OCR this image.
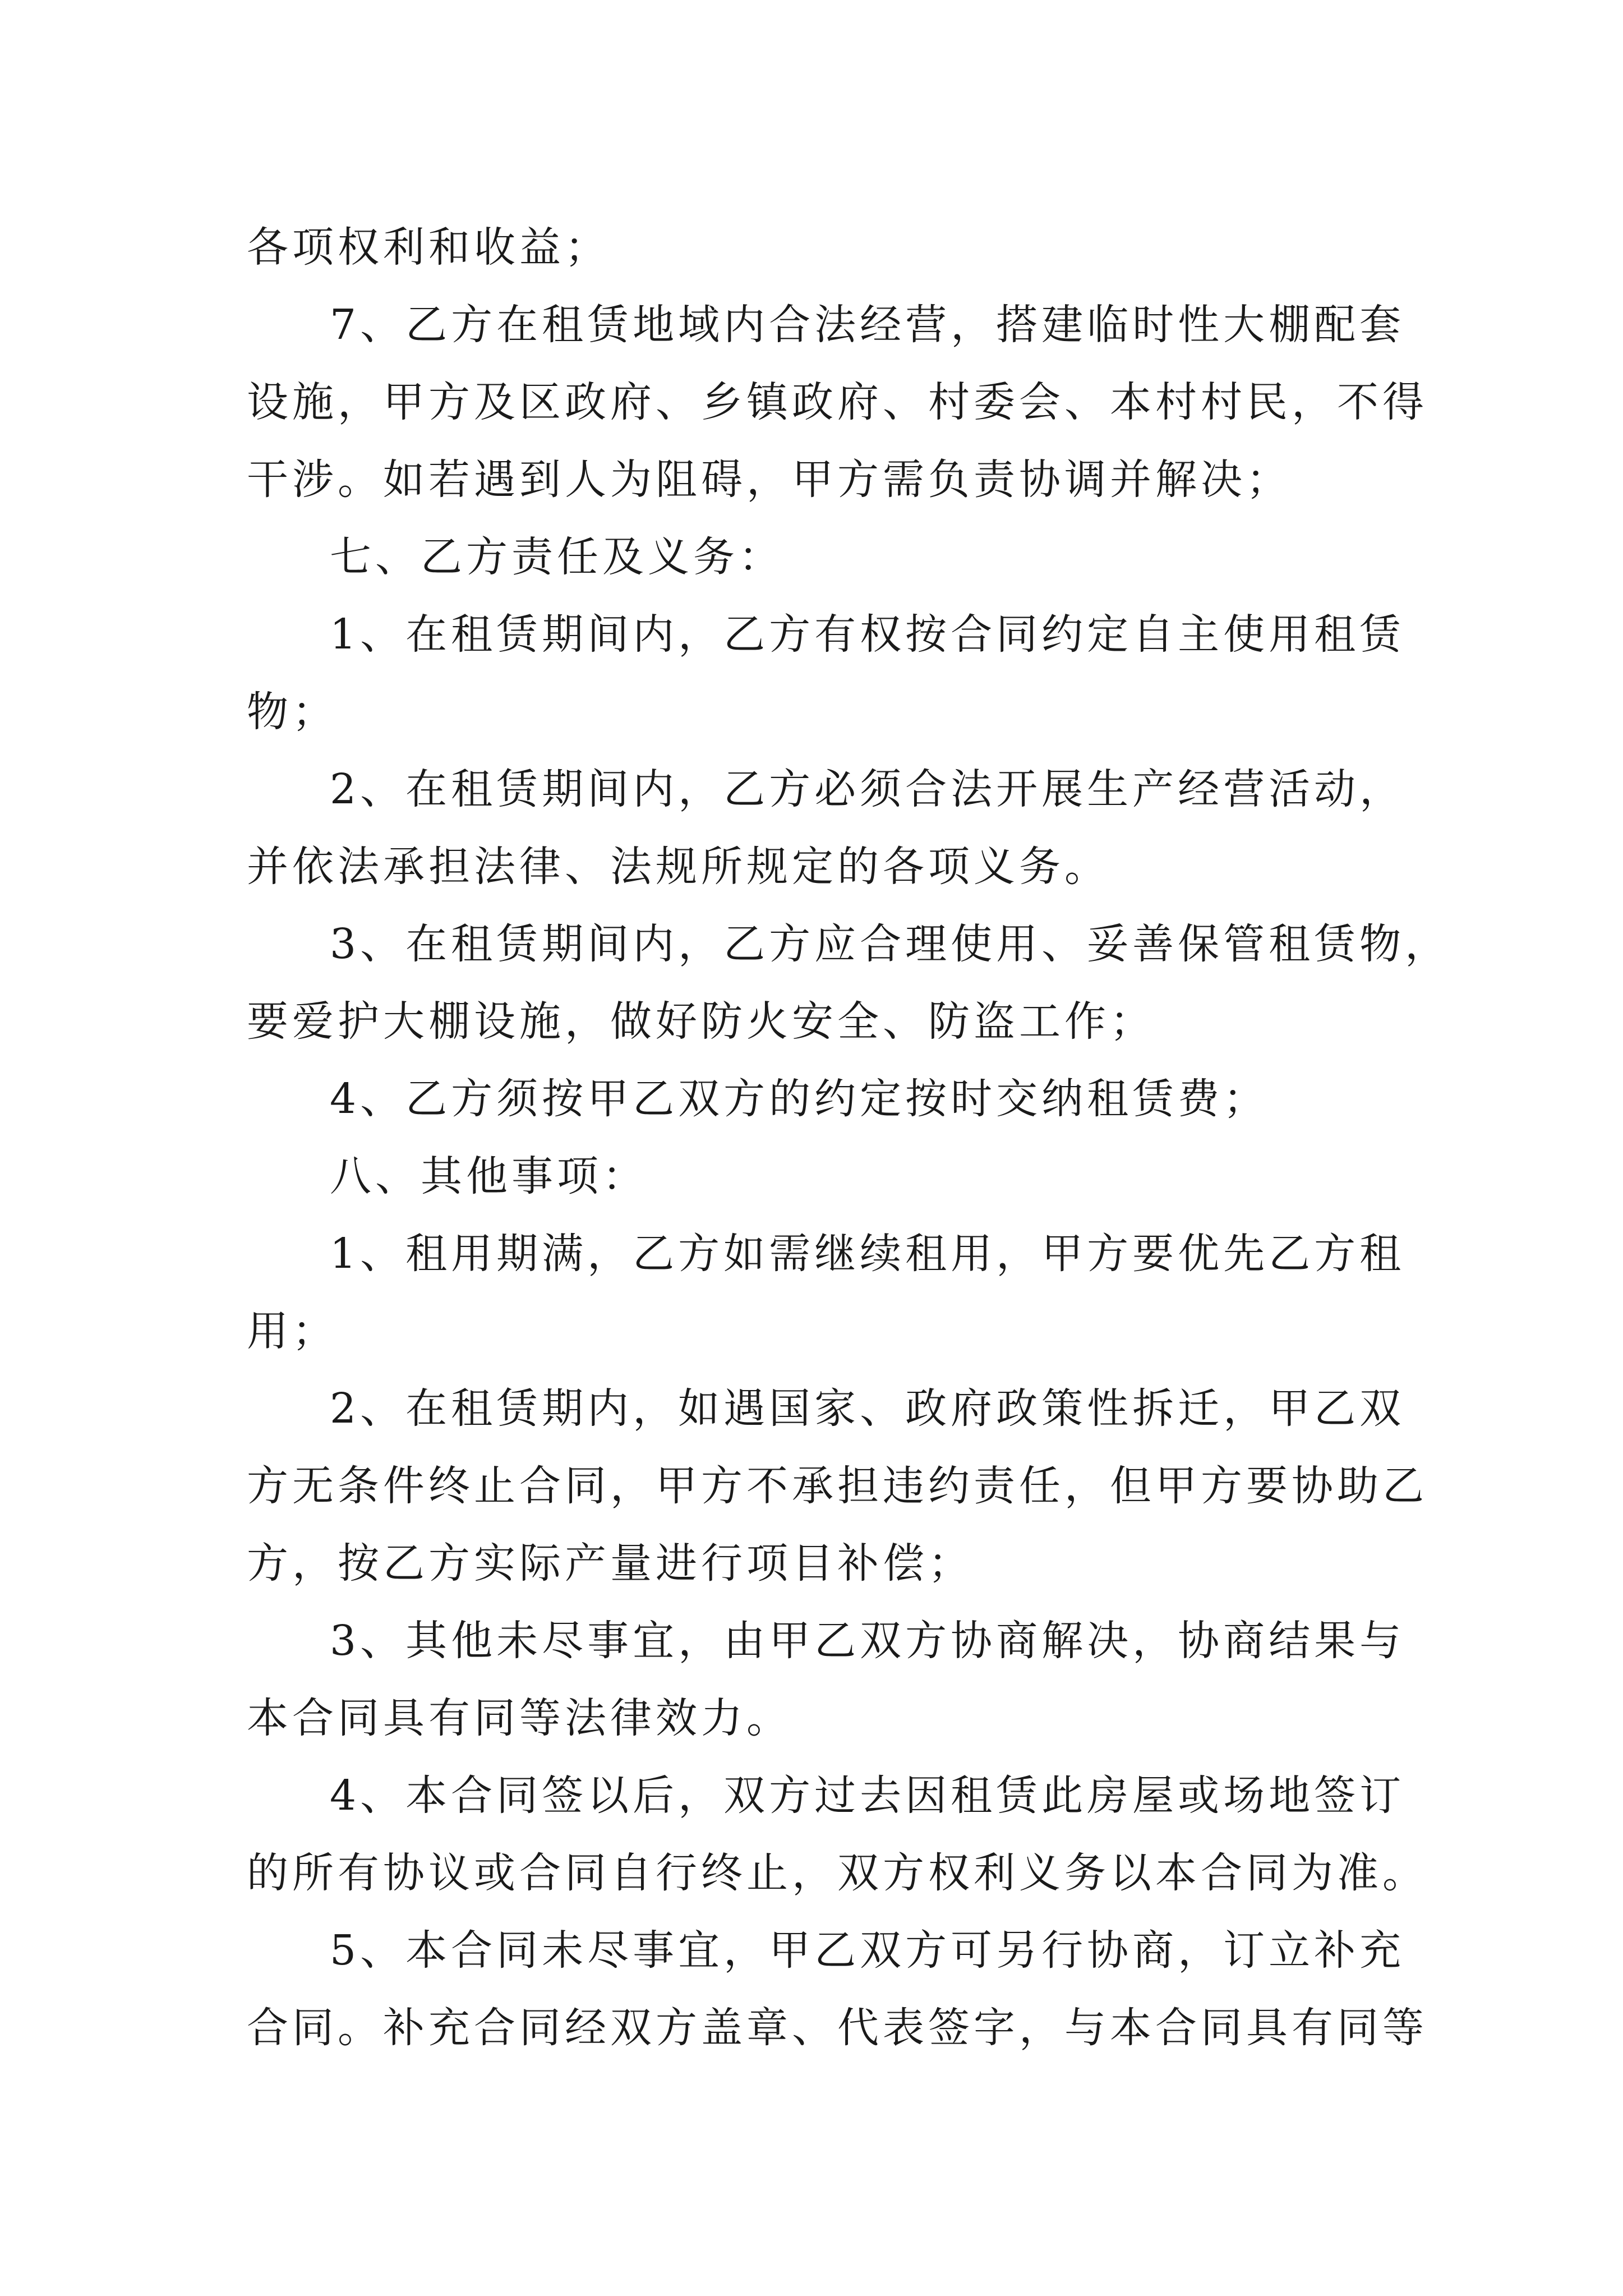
各项权利和收益；
7、乙方在租赁地域内合法经营，搭建临时性大棚配套
设施，甲方及区政府、乡镇政府、村委会、本村村民，不得
干涉。如若遇到人为阻碍，甲方需负责协调并解决；
七、乙方责任及义务：
1、在租赁期间内，乙方有权按合同约定自主使用租赁
物；
2、在租赁期间内，乙方必须合法开展生产经营活动，
并依法承担法律、法规所规定的各项义务。
3、在租赁期间内，乙方应合理使用、妥善保管租赁物，
要爱护大棚设施，做好防火安全、防盗工作；
4、乙方须按甲乙双方的约定按时交纳租赁费；
八、其他事项：
1、租用期满，乙方如需继续租用，甲方要优先乙方租
用；
2、在租赁期内，如遇国家、政府政策性拆迁，甲乙双
方无条件终止合同，甲方不承担违约责任，但甲方要协助乙
方，按乙方实际产量进行项目补偿；
3、其他未尽事宜，由甲乙双方协商解决，协商结果与
本合同具有同等法律效力。
4、本合同签以后，双方过去因租赁此房屋或场地签订
的所有协议或合同自行终止，双方权利义务以本合同为准。
5、本合同未尽事宜，甲乙双方可另行协商，订立补充
合同。补充合同经双方盖章、代表签字，与本合同具有同等
